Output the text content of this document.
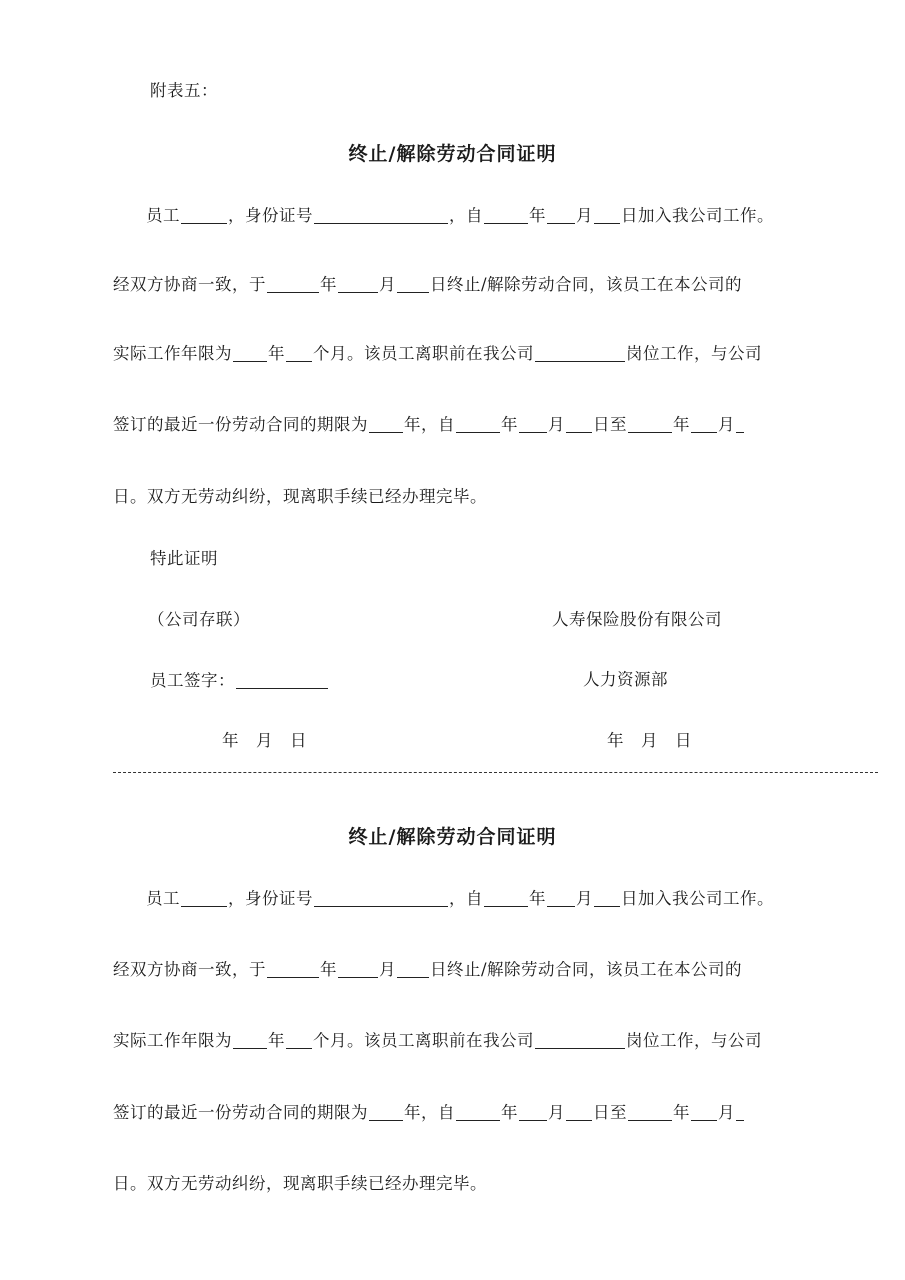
附表五：
终止/解除劳动合同证明
员工	，身份证号	，自	年 月 日加入我公司工作。
经双方协商一致，于	年	月 日终止/解除劳动合同，该员工在本公司的
实际工作年限为 年 个月。该员工离职前在我公司	岗位工作，与公司
签订的最近一份劳动合同的期限为 年，自	年 月 日至	年 月
日。双方无劳动纠纷，现离职手续已经办理完毕。
特此证明
（公司存联）	人寿保险股份有限公司
员工签字：	人力资源部
年　月　日	年　月　日
终止/解除劳动合同证明
员工	，身份证号	，自	年 月 日加入我公司工作。
经双方协商一致，于	年	月 日终止/解除劳动合同，该员工在本公司的
实际工作年限为 年 个月。该员工离职前在我公司	岗位工作，与公司
签订的最近一份劳动合同的期限为 年，自	年 月 日至	年 月
日。双方无劳动纠纷，现离职手续已经办理完毕。
